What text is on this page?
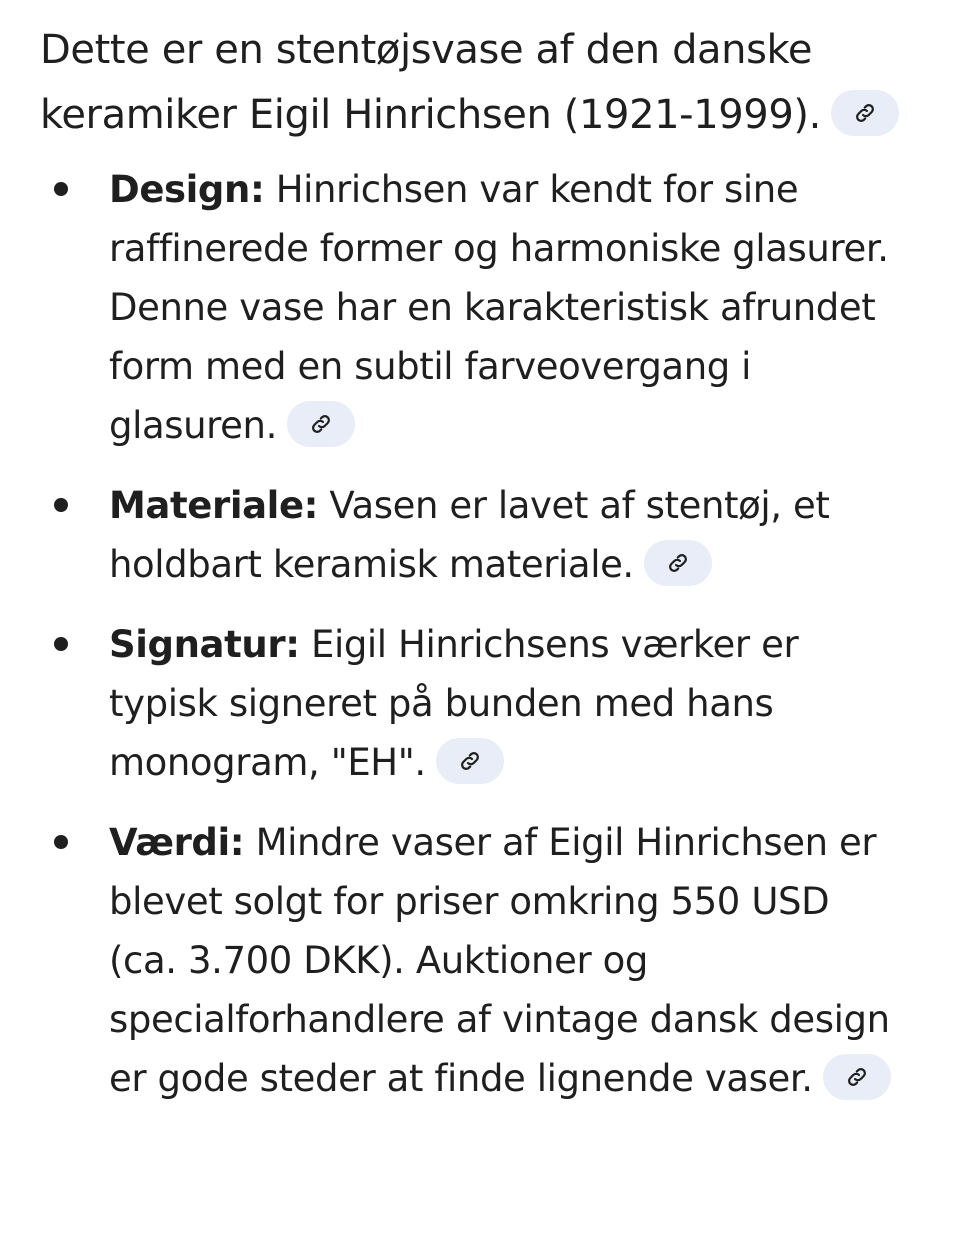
Dette er en stentøjsvase af den danske keramiker Eigil Hinrichsen (1921-1999).

Design: Hinrichsen var kendt for sine raffinerede former og harmoniske glasurer. Denne vase har en karakteristisk afrundet form med en subtil farveovergang i glasuren.
Materiale: Vasen er lavet af stentøj, et holdbart keramisk materiale.
Signatur: Eigil Hinrichsens værker er typisk signeret på bunden med hans monogram, "EH".
Værdi: Mindre vaser af Eigil Hinrichsen er blevet solgt for priser omkring 550 USD (ca. 3.700 DKK). Auktioner og specialforhandlere af vintage dansk design er gode steder at finde lignende vaser.
